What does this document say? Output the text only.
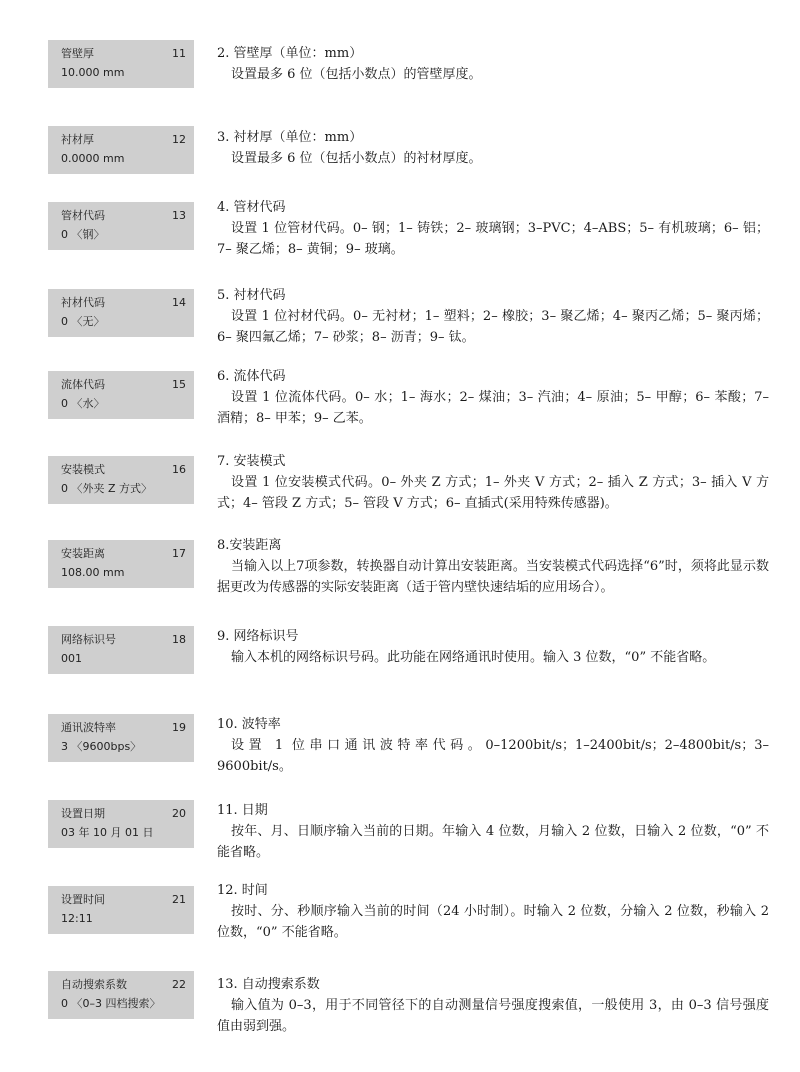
管壁厚	11
10.000 mm
2. 管壁厚（单位：mm）
设置最多 6 位（包括小数点）的管壁厚度。
衬材厚	12
0.0000 mm
3. 衬材厚（单位：mm）
设置最多 6 位（包括小数点）的衬材厚度。
管材代码	13
0 〈钢〉
4. 管材代码
设置 1 位管材代码。0– 钢；1– 铸铁；2– 玻璃钢；3–PVC；4–ABS；5– 有机玻璃；6– 铝；7– 聚乙烯；8– 黄铜；9– 玻璃。
衬材代码	14
0 〈无〉
5. 衬材代码
设置 1 位衬材代码。0– 无衬材；1– 塑料；2– 橡胶；3– 聚乙烯；4– 聚丙乙烯；5– 聚丙烯；6– 聚四氟乙烯；7– 砂浆；8– 沥青；9– 钛。
流体代码	15
0 〈水〉
6. 流体代码
设置 1 位流体代码。0– 水；1– 海水；2– 煤油；3– 汽油；4– 原油；5– 甲醇；6– 苯酸；7– 酒精；8– 甲苯；9– 乙苯。
安装模式	16
0 〈外夹 Z 方式〉
7. 安装模式
设置 1 位安装模式代码。0– 外夹 Z 方式；1– 外夹 V 方式；2– 插入 Z 方式；3– 插入 V 方式；4– 管段 Z 方式；5– 管段 V 方式；6– 直插式(采用特殊传感器)。
安装距离	17
108.00 mm
8.安装距离
当输入以上7项参数，转换器自动计算出安装距离。当安装模式代码选择“6”时，须将此显示数据更改为传感器的实际安装距离（适于管内壁快速结垢的应用场合）。
网络标识号	18
001
9. 网络标识号
输入本机的网络标识号码。此功能在网络通讯时使用。输入 3 位数，“0” 不能省略。
通讯波特率	19
3 〈9600bps〉
10. 波特率
设置 1 位串口通讯波特率代码。0–1200bit/s；1–2400bit/s；2–4800bit/s；3–9600bit/s。
设置日期	20
03 年 10 月 01 日
11. 日期
按年、月、日顺序输入当前的日期。年输入 4 位数，月输入 2 位数，日输入 2 位数，“0” 不能省略。
设置时间	21
12:11
12. 时间
按时、分、秒顺序输入当前的时间（24 小时制）。时输入 2 位数，分输入 2 位数，秒输入 2 位数，“0” 不能省略。
自动搜索系数	22
0 〈0–3 四档搜索〉
13. 自动搜索系数
输入值为 0–3，用于不同管径下的自动测量信号强度搜索值，一般使用 3，由 0–3 信号强度值由弱到强。
